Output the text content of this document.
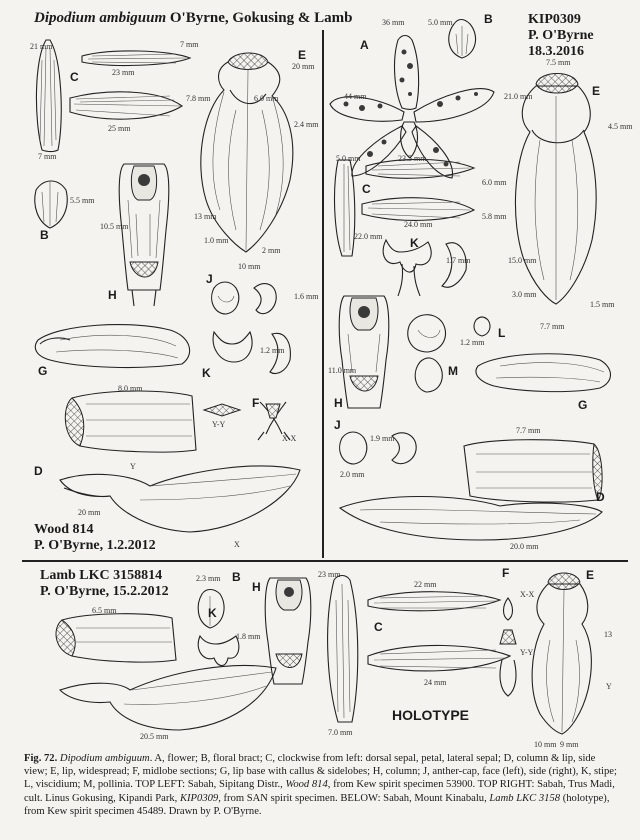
Dipodium ambiguum O'Byrne, Gokusing & Lamb	KIP0309
P. O'Byrne
18.3.2016
Wood 814
P. O'Byrne, 1.2.2012
Lamb LKC 3158814
P. O'Byrne, 15.2.2012
HOLOTYPE
E
C
B
H
J
G	K
F
D
A
B
E
C
K
L
M
H
J
G
D
B
H
K
C
F	E
21 mm
23 mm
7 mm
7.8 mm
25 mm
7 mm
5.5 mm
10.5 mm
13 mm
1.0 mm
10 mm
2 mm
20 mm
6.0 mm
2.4 mm
8.0 mm
Y-Y
X-X
20 mm
Y
X
1.6 mm
1.2 mm
36 mm	5.0 mm
44 mm
7.5 mm
21.0 mm
4.5 mm
23.5 mm
24.0 mm
6.0 mm
5.8 mm
22.0 mm
5.0 mm
3.0 mm
15.0 mm
1.5 mm
7.7 mm
11.0 mm
1.2 mm
1.9 mm
2.0 mm
7.7 mm
20.0 mm
1.7 mm
23 mm
6.5 mm
22 mm
24 mm
7.0 mm
20.5 mm
2.3 mm
1.8 mm
9 mm
10 mm
13
Y
X-X
Y-Y
Fig. 72. Dipodium ambiguum. A, flower; B, floral bract; C, clockwise from left: dorsal sepal, petal, lateral sepal; D, column & lip, side view; E, lip, widespread; F, midlobe sections; G, lip base with callus & sidelobes; H, column; J, anther-cap, face (left), side (right), K, stipe; L, viscidium; M, pollinia. TOP LEFT: Sabah, Sipitang Distr., Wood 814, from Kew spirit specimen 53900. TOP RIGHT: Sabah, Trus Madi, cult. Linus Gokusing, Kipandi Park, KIP0309, from SAN spirit specimen. BELOW: Sabah, Mount Kinabalu, Lamb LKC 3158 (holotype), from Kew spirit specimen 45489. Drawn by P. O'Byrne.
